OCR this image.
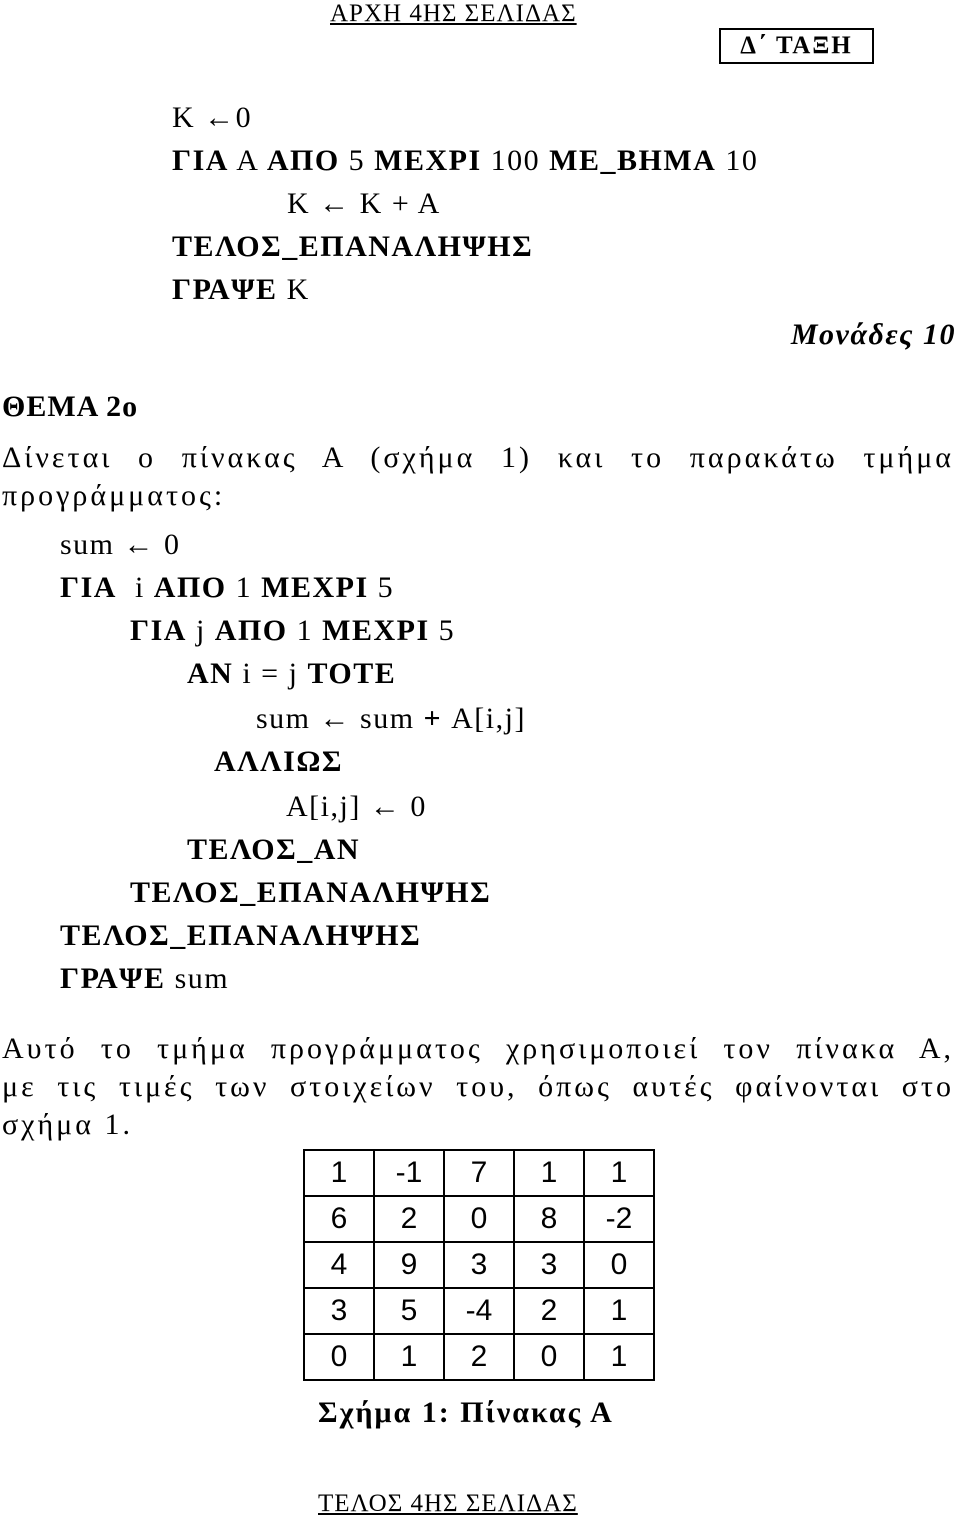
ΑΡΧΗ 4ΗΣ ΣΕΛΙΔΑΣ
Δ΄ ΤΑΞΗ
Κ ←0
ΓΙΑ Α ΑΠΟ 5 ΜΕΧΡΙ 100 ΜΕ_ΒΗΜΑ 10
Κ ← Κ + Α
ΤΕΛΟΣ_ΕΠΑΝΑΛΗΨΗΣ
ΓΡΑΨΕ Κ
Μονάδες 10
ΘΕΜΑ 2ο
Δίνεται ο πίνακας Α (σχήμα 1) και το παρακάτω τμήμα
προγράμματος:
sum ← 0
ΓΙΑ i ΑΠΟ 1 ΜΕΧΡΙ 5
ΓΙΑ j ΑΠΟ 1 ΜΕΧΡΙ 5
ΑΝ i = j ΤΟΤΕ
sum ← sum + Α[i,j]
ΑΛΛΙΩΣ
Α[i,j] ← 0
ΤΕΛΟΣ_ΑΝ
ΤΕΛΟΣ_ΕΠΑΝΑΛΗΨΗΣ
ΤΕΛΟΣ_ΕΠΑΝΑΛΗΨΗΣ
ΓΡΑΨΕ sum
Αυτό το τμήμα προγράμματος χρησιμοποιεί τον πίνακα Α,
με τις τιμές των στοιχείων του, όπως αυτές φαίνονται στο
σχήμα 1.
1	-1	7	1	1
6	2	0	8	-2
4	9	3	3	0
3	5	-4	2	1
0	1	2	0	1
Σχήμα 1: Πίνακας Α
ΤΕΛΟΣ 4ΗΣ ΣΕΛΙΔΑΣ
